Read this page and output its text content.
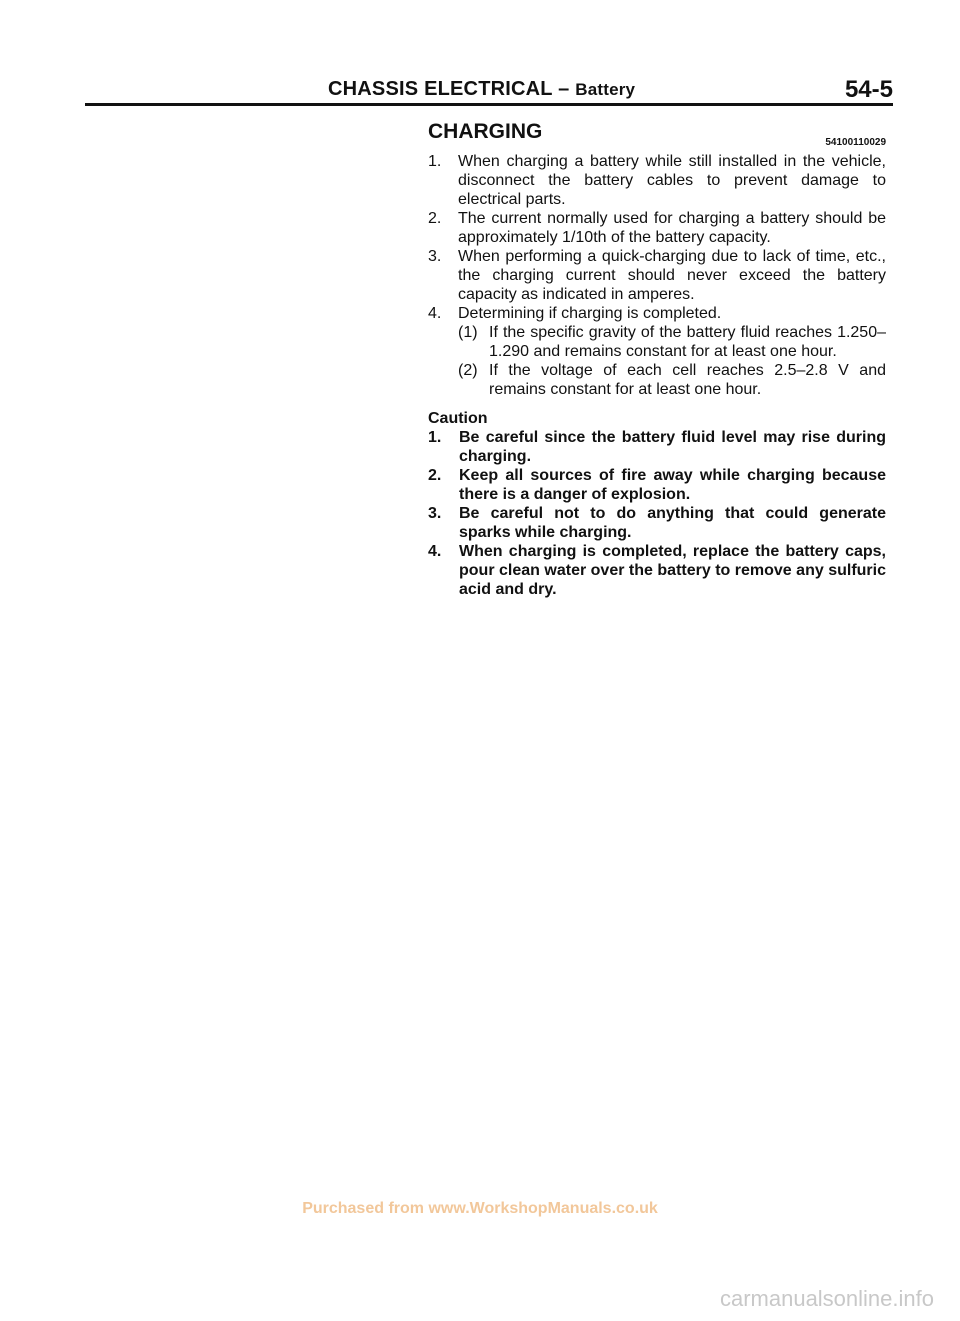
CHASSIS ELECTRICAL – Battery	54-5
CHARGING	54100110029
1. When charging a battery while still installed in the vehicle, disconnect the battery cables to prevent damage to electrical parts.
2. The current normally used for charging a battery should be approximately 1/10th of the battery capacity.
3. When performing a quick-charging due to lack of time, etc., the charging current should never exceed the battery capacity as indicated in amperes.
4. Determining if charging is completed.
(1) If the specific gravity of the battery fluid reaches 1.250–1.290 and remains constant for at least one hour.
(2) If the voltage of each cell reaches 2.5–2.8 V and remains constant for at least one hour.
Caution
1. Be careful since the battery fluid level may rise during charging.
2. Keep all sources of fire away while charging because there is a danger of explosion.
3. Be careful not to do anything that could generate sparks while charging.
4. When charging is completed, replace the battery caps, pour clean water over the battery to remove any sulfuric acid and dry.
Purchased from www.WorkshopManuals.co.uk
carmanualsonline.info
